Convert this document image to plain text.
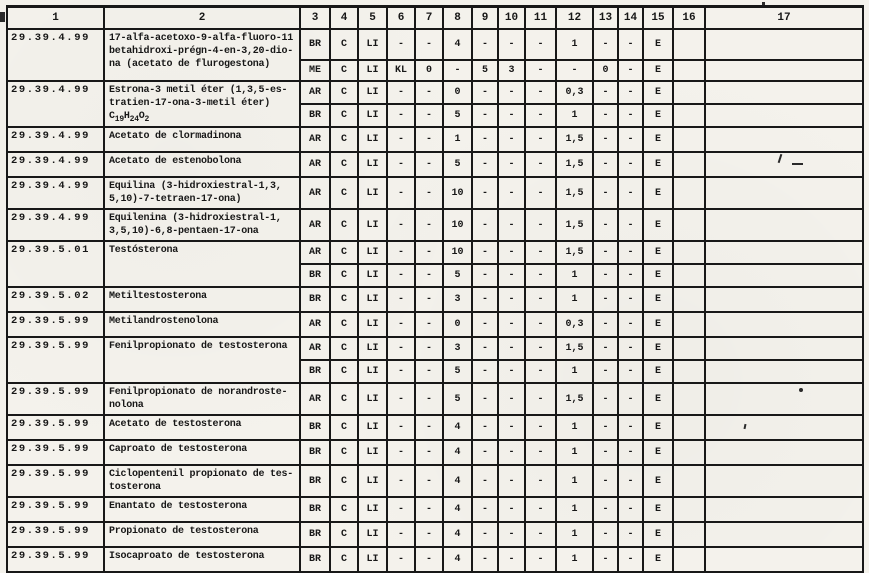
1	2	3	4	5	6	7	8	9	10	11	12	13	14	15	16	17
29.39.4.99	17-alfa-acetoxo-9-alfa-fluoro-11
betahidroxi-prégn-4-en-3,20-dio-
na (acetato de flurogestona)	BR	C	LI	-	-	4	-	-	-	1	-	-	E		
		ME	C	LI	KL	0	-	5	3	-	-	0	-	E		
29.39.4.99	Estrona-3 metil éter (1,3,5-es-
tratien-17-ona-3-metil éter)
$C_{19}H_{24}O_2$	AR	C	LI	-	-	0	-	-	-	0,3	-	-	E		
		BR	C	LI	-	-	5	-	-	-	1	-	-	E		
29.39.4.99	Acetato de clormadinona	AR	C	LI	-	-	1	-	-	-	1,5	-	-	E		
29.39.4.99	Acetato de estenobolona	AR	C	LI	-	-	5	-	-	-	1,5	-	-	E		
29.39.4.99	Equilina (3-hidroxiestral-1,3,
5,10)-7-tetraen-17-ona)	AR	C	LI	-	-	10	-	-	-	1,5	-	-	E		
29.39.4.99	Equilenina (3-hidroxiestral-1,
3,5,10)-6,8-pentaen-17-ona	AR	C	LI	-	-	10	-	-	-	1,5	-	-	E		
29.39.5.01	Testósterona	AR	C	LI	-	-	10	-	-	-	1,5	-	-	E		
		BR	C	LI	-	-	5	-	-	-	1	-	-	E		
29.39.5.02	Metiltestosterona	BR	C	LI	-	-	3	-	-	-	1	-	-	E		
29.39.5.99	Metilandrostenolona	AR	C	LI	-	-	0	-	-	-	0,3	-	-	E		
29.39.5.99	Fenilpropionato de testosterona	AR	C	LI	-	-	3	-	-	-	1,5	-	-	E		
		BR	C	LI	-	-	5	-	-	-	1	-	-	E		
29.39.5.99	Fenilpropionato de norandroste-
nolona	AR	C	LI	-	-	5	-	-	-	1,5	-	-	E		
29.39.5.99	Acetato de testosterona	BR	C	LI	-	-	4	-	-	-	1	-	-	E		
29.39.5.99	Caproato de testosterona	BR	C	LI	-	-	4	-	-	-	1	-	-	E		
29.39.5.99	Ciclopentenil propionato de tes-
tosterona	BR	C	LI	-	-	4	-	-	-	1	-	-	E		
29.39.5.99	Enantato de testosterona	BR	C	LI	-	-	4	-	-	-	1	-	-	E		
29.39.5.99	Propionato de testosterona	BR	C	LI	-	-	4	-	-	-	1	-	-	E		
29.39.5.99	Isocaproato de testosterona	BR	C	LI	-	-	4	-	-	-	1	-	-	E		
